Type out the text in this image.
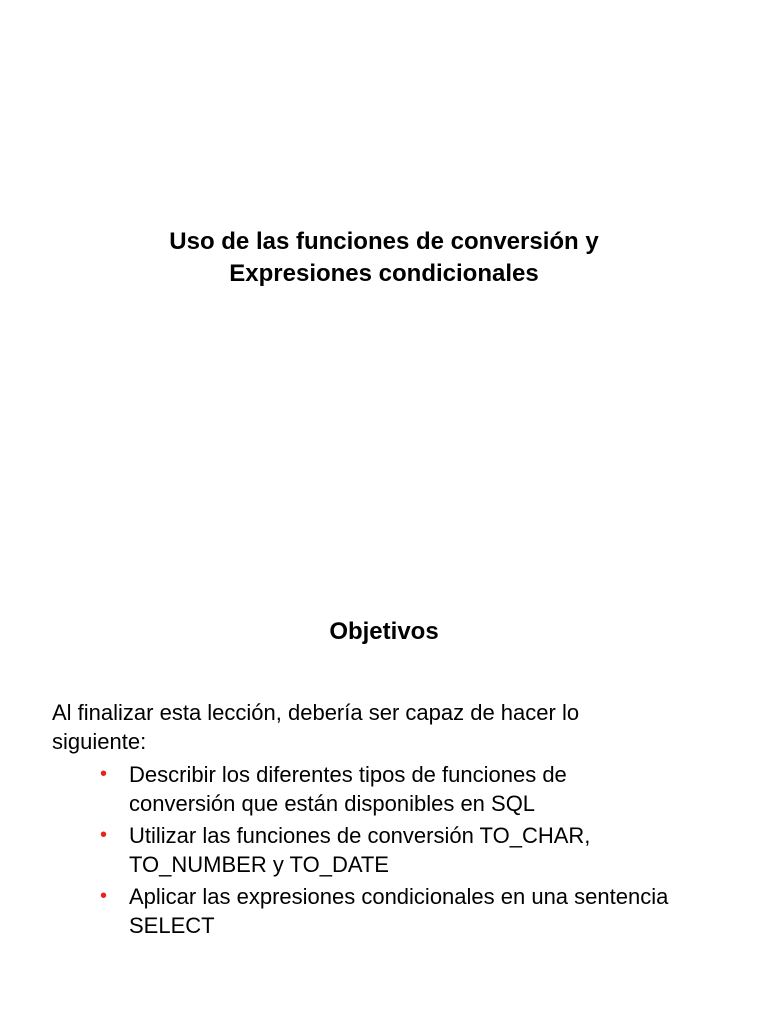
Uso de las funciones de conversión y
Expresiones condicionales
Objetivos
Al finalizar esta lección, debería ser capaz de hacer lo
siguiente:
• Describir los diferentes tipos de funciones de
conversión que están disponibles en SQL
• Utilizar las funciones de conversión TO_CHAR,
TO_NUMBER y TO_DATE
• Aplicar las expresiones condicionales en una sentencia
SELECT
